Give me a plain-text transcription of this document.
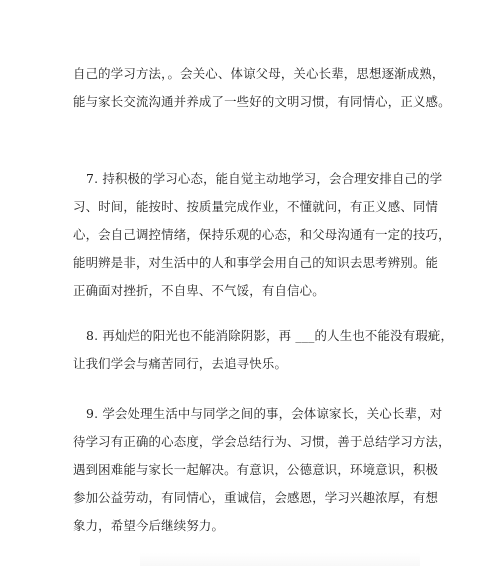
自己的学习方法，。会关心、体谅父母，关心长辈，思想逐渐成熟，
能与家长交流沟通并养成了一些好的文明习惯，有同情心，正义感。
7. 持积极的学习心态，能自觉主动地学习，会合理安排自己的学
习、时间，能按时、按质量完成作业，不懂就问，有正义感、同情
心，会自己调控情绪，保持乐观的心态，和父母沟通有一定的技巧，
能明辨是非，对生活中的人和事学会用自己的知识去思考辨别。能
正确面对挫折，不自卑、不气馁，有自信心。
8. 再灿烂的阳光也不能消除阴影，再 ___的人生也不能没有瑕疵，
让我们学会与痛苦同行，去追寻快乐。
9. 学会处理生活中与同学之间的事，会体谅家长，关心长辈，对
待学习有正确的心态度，学会总结行为、习惯，善于总结学习方法，
遇到困难能与家长一起解决。有意识，公德意识，环境意识，积极
参加公益劳动，有同情心，重诚信，会感恩，学习兴趣浓厚，有想
象力，希望今后继续努力。
